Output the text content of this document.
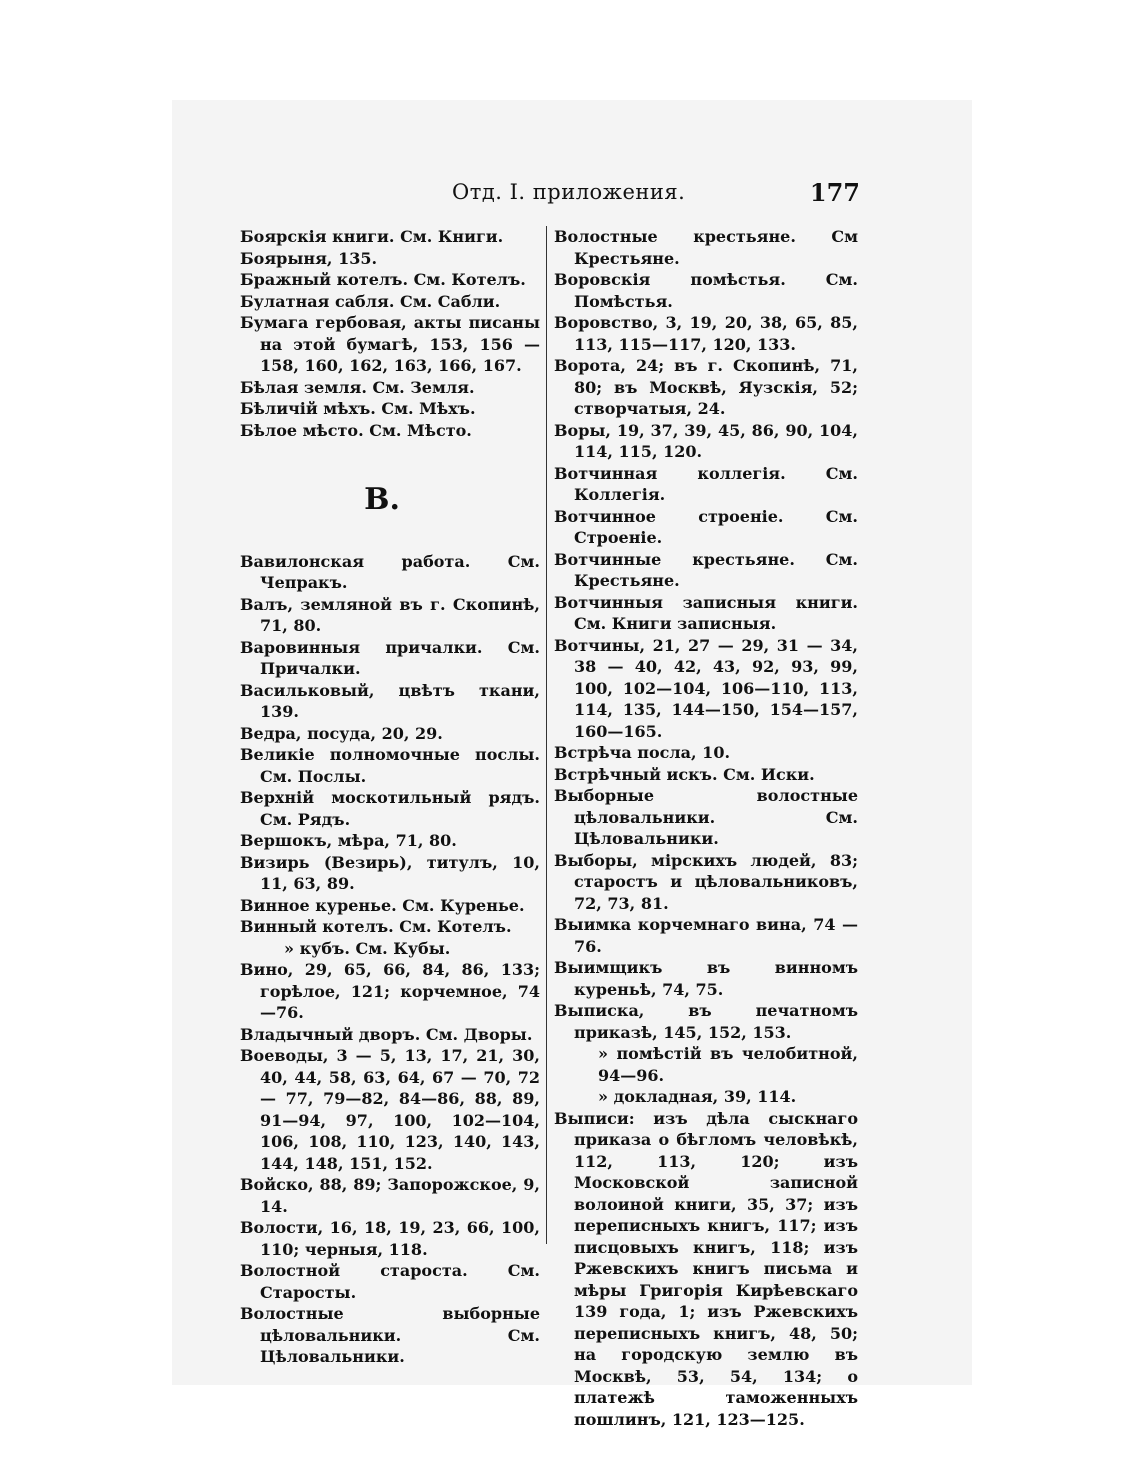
Отд. I. приложения.	177

Боярскія книги. См. Книги.

Боярыня, 135.

Бражный котелъ. См. Котелъ.

Булатная сабля. См. Сабли.

Бумага гербовая, акты писаны на этой бумагѣ, 153, 156 — 158, 160, 162, 163, 166, 167.

Бѣлая земля. См. Земля.

Бѣличій мѣхъ. См. Мѣхъ.

Бѣлое мѣсто. См. Мѣсто.

В.

Вавилонская работа. См. Чепракъ.

Валъ, земляной въ г. Скопинѣ, 71, 80.

Варовинныя причалки. См. Причалки.

Васильковый, цвѣтъ ткани, 139.

Ведра, посуда, 20, 29.

Великіе полномочные послы. См. Послы.

Верхній москотильный рядъ. См. Рядъ.

Вершокъ, мѣра, 71, 80.

Визирь (Везирь), титулъ, 10, 11, 63, 89.

Винное куренье. См. Куренье.

Винный котелъ. См. Котелъ.

» кубъ. См. Кубы.

Вино, 29, 65, 66, 84, 86, 133; горѣлое, 121; корчемное, 74—76.

Владычный дворъ. См. Дворы.

Воеводы, 3 — 5, 13, 17, 21, 30, 40, 44, 58, 63, 64, 67 — 70, 72 — 77, 79—82, 84—86, 88, 89, 91—94, 97, 100, 102—104, 106, 108, 110, 123, 140, 143, 144, 148, 151, 152.

Войско, 88, 89; Запорожское, 9, 14.

Волости, 16, 18, 19, 23, 66, 100, 110; черныя, 118.

Волостной староста. См. Старосты.

Волостные выборные цѣловальники. См. Цѣловальники.

Волостные крестьяне. См Крестьяне.

Воровскія помѣстья. См. Помѣстья.

Воровство, 3, 19, 20, 38, 65, 85, 113, 115—117, 120, 133.

Ворота, 24; въ г. Скопинѣ, 71, 80; въ Москвѣ, Яузскія, 52; створчатыя, 24.

Воры, 19, 37, 39, 45, 86, 90, 104, 114, 115, 120.

Вотчинная коллегія. См. Коллегія.

Вотчинное строеніе. См. Строеніе.

Вотчинные крестьяне. См. Крестьяне.

Вотчинныя записныя книги. См. Книги записныя.

Вотчины, 21, 27 — 29, 31 — 34, 38 — 40, 42, 43, 92, 93, 99, 100, 102—104, 106—110, 113, 114, 135, 144—150, 154—157, 160—165.

Встрѣча посла, 10.

Встрѣчный искъ. См. Иски.

Выборные волостные цѣловальники. См. Цѣловальники.

Выборы, мірскихъ людей, 83; старостъ и цѣловальниковъ, 72, 73, 81.

Выимка корчемнаго вина, 74 — 76.

Выимщикъ въ винномъ куреньѣ, 74, 75.

Выписка, въ печатномъ приказѣ, 145, 152, 153.

» помѣстій въ челобитной, 94—96.

» докладная, 39, 114.

Выписи: изъ дѣла сыскнаго приказа о бѣгломъ человѣкѣ, 112, 113, 120; изъ Московской записной волоиной книги, 35, 37; изъ переписныхъ книгъ, 117; изъ писцовыхъ книгъ, 118; изъ Ржевскихъ книгъ письма и мѣры Григорія Кирѣевскаго 139 года, 1; изъ Ржевскихъ переписныхъ книгъ, 48, 50; на городскую землю въ Москвѣ, 53, 54, 134; о платежѣ таможенныхъ пошлинъ, 121, 123—125.
